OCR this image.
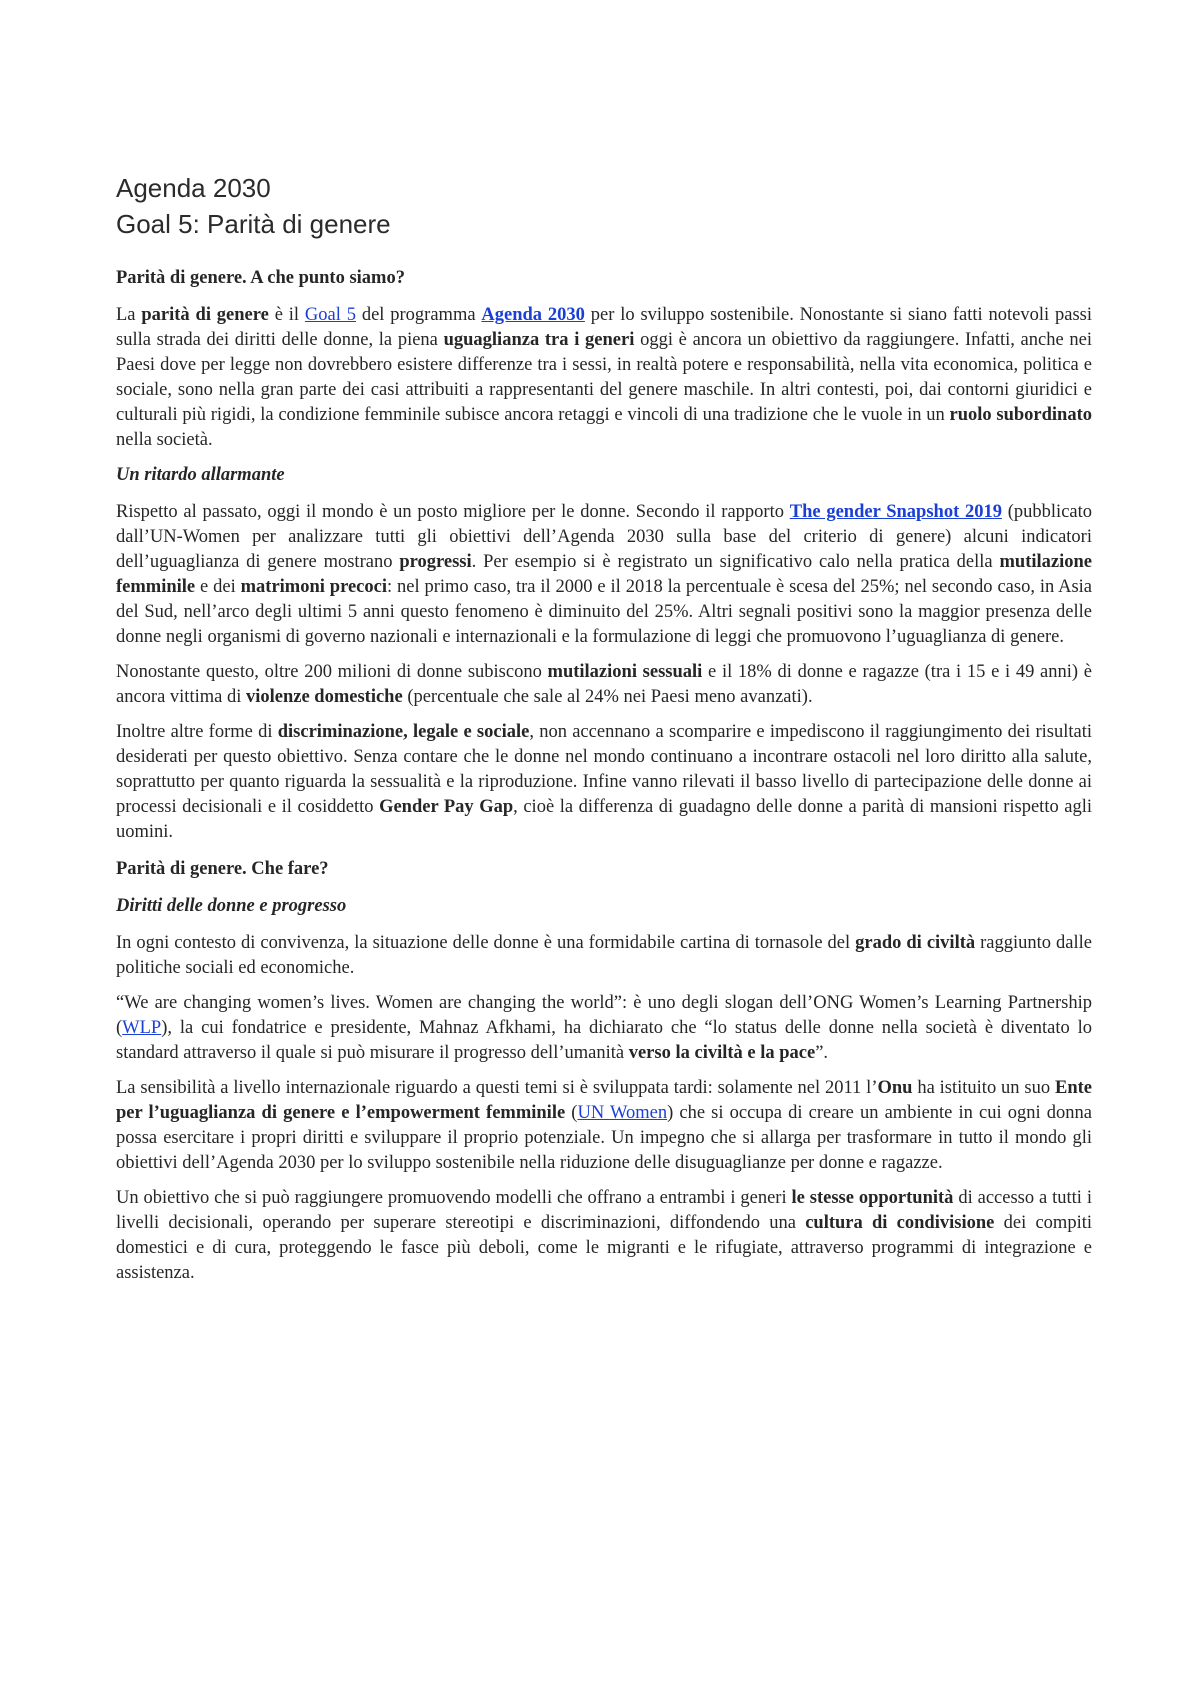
Agenda 2030
Goal 5: Parità di genere
Parità di genere. A che punto siamo?

La parità di genere è il Goal 5 del programma Agenda 2030 per lo sviluppo sostenibile. Nonostante si siano fatti notevoli passi sulla strada dei diritti delle donne, la piena uguaglianza tra i generi oggi è ancora un obiettivo da raggiungere. Infatti, anche nei Paesi dove per legge non dovrebbero esistere differenze tra i sessi, in realtà potere e responsabilità, nella vita economica, politica e sociale, sono nella gran parte dei casi attribuiti a rappresentanti del genere maschile. In altri contesti, poi, dai contorni giuridici e culturali più rigidi, la condizione femminile subisce ancora retaggi e vincoli di una tradizione che le vuole in un ruolo subordinato nella società.

Un ritardo allarmante

Rispetto al passato, oggi il mondo è un posto migliore per le donne. Secondo il rapporto The gender Snapshot 2019 (pubblicato dall’UN-Women per analizzare tutti gli obiettivi dell’Agenda 2030 sulla base del criterio di genere) alcuni indicatori dell’uguaglianza di genere mostrano progressi. Per esempio si è registrato un significativo calo nella pratica della mutilazione femminile e dei matrimoni precoci: nel primo caso, tra il 2000 e il 2018 la percentuale è scesa del 25%; nel secondo caso, in Asia del Sud, nell’arco degli ultimi 5 anni questo fenomeno è diminuito del 25%. Altri segnali positivi sono la maggior presenza delle donne negli organismi di governo nazionali e internazionali e la formulazione di leggi che promuovono l’uguaglianza di genere.

Nonostante questo, oltre 200 milioni di donne subiscono mutilazioni sessuali e il 18% di donne e ragazze (tra i 15 e i 49 anni) è ancora vittima di violenze domestiche (percentuale che sale al 24% nei Paesi meno avanzati).

Inoltre altre forme di discriminazione, legale e sociale, non accennano a scomparire e impediscono il raggiungimento dei risultati desiderati per questo obiettivo. Senza contare che le donne nel mondo continuano a incontrare ostacoli nel loro diritto alla salute, soprattutto per quanto riguarda la sessualità e la riproduzione. Infine vanno rilevati il basso livello di partecipazione delle donne ai processi decisionali e il cosiddetto Gender Pay Gap, cioè la differenza di guadagno delle donne a parità di mansioni rispetto agli uomini.

Parità di genere. Che fare?
Diritti delle donne e progresso

In ogni contesto di convivenza, la situazione delle donne è una formidabile cartina di tornasole del grado di civiltà raggiunto dalle politiche sociali ed economiche.

“We are changing women’s lives. Women are changing the world”: è uno degli slogan dell’ONG Women’s Learning Partnership (WLP), la cui fondatrice e presidente, Mahnaz Afkhami, ha dichiarato che “lo status delle donne nella società è diventato lo standard attraverso il quale si può misurare il progresso dell’umanità verso la civiltà e la pace”.

La sensibilità a livello internazionale riguardo a questi temi si è sviluppata tardi: solamente nel 2011 l’Onu ha istituito un suo Ente per l’uguaglianza di genere e l’empowerment femminile (UN Women) che si occupa di creare un ambiente in cui ogni donna possa esercitare i propri diritti e sviluppare il proprio potenziale. Un impegno che si allarga per trasformare in tutto il mondo gli obiettivi dell’Agenda 2030 per lo sviluppo sostenibile nella riduzione delle disuguaglianze per donne e ragazze.

Un obiettivo che si può raggiungere promuovendo modelli che offrano a entrambi i generi le stesse opportunità di accesso a tutti i livelli decisionali, operando per superare stereotipi e discriminazioni, diffondendo una cultura di condivisione dei compiti domestici e di cura, proteggendo le fasce più deboli, come le migranti e le rifugiate, attraverso programmi di integrazione e assistenza.
